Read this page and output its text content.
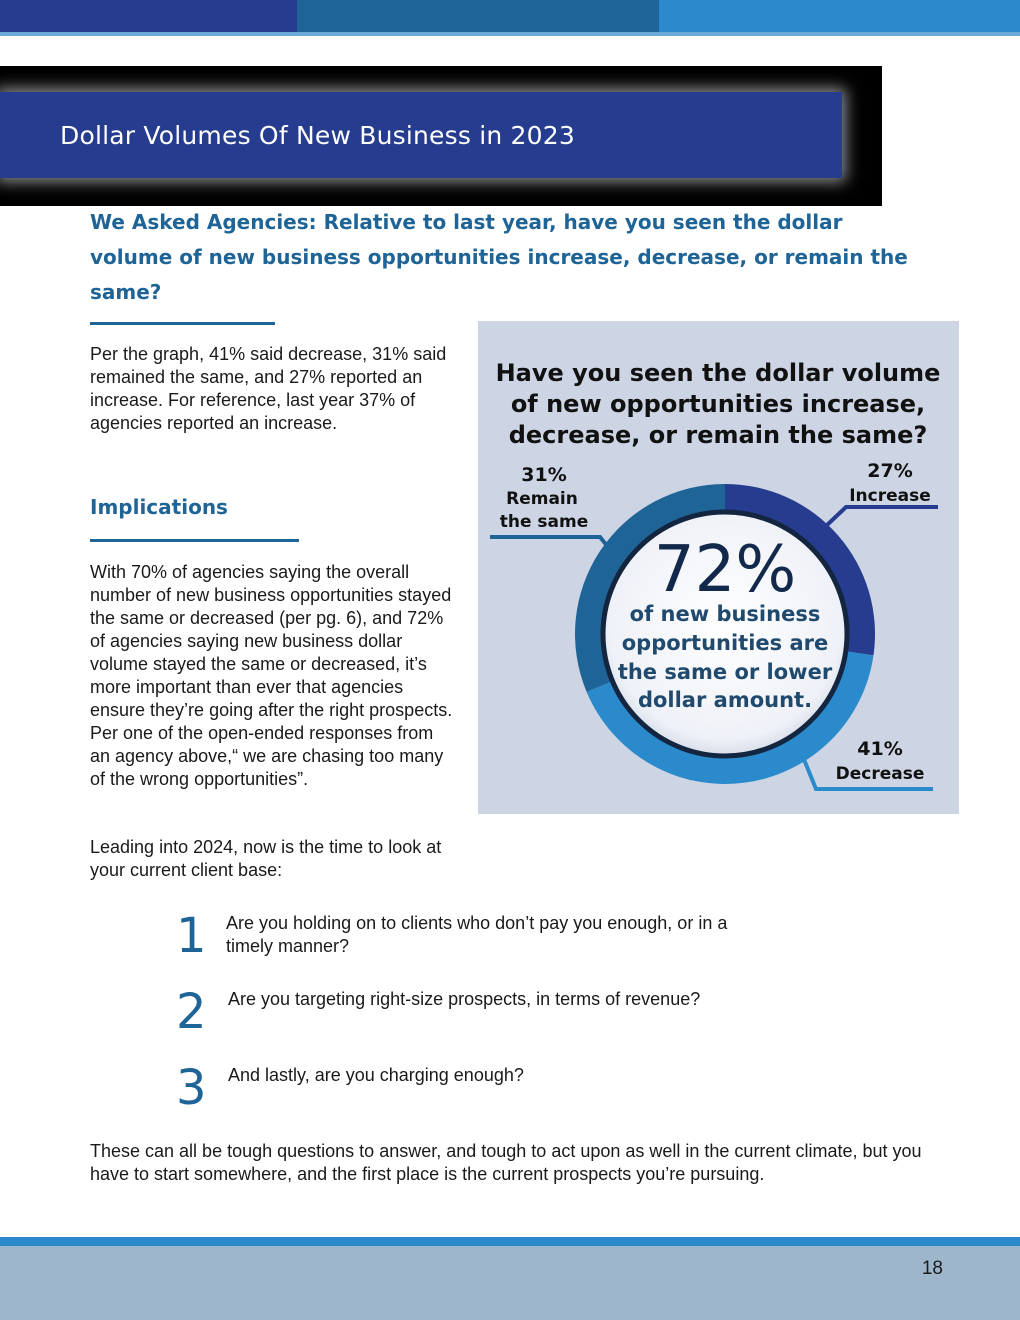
Dollar Volumes Of New Business in 2023
We Asked Agencies: Relative to last year, have you seen the dollar volume of new business opportunities increase, decrease, or remain the same?
Per the graph, 41% said decrease, 31% said remained the same, and 27% reported an increase. For reference, last year 37% of agencies reported an increase.
Implications
With 70% of agencies saying the overall number of new business opportunities stayed the same or decreased (per pg. 6), and 72% of agencies saying new business dollar volume stayed the same or decreased, it’s more important than ever that agencies ensure they’re going after the right prospects. Per one of the open-ended responses from an agency above,“ we are chasing too many of the wrong opportunities”.
Leading into 2024, now is the time to look at your current client base:
Have you seen the dollar volume
of new opportunities increase,
decrease, or remain the same?
72%
of new business
opportunities are
the same or lower
dollar amount.
27%
Increase
41%
Decrease
31%
Remain
the same
1 Are you holding on to clients who don’t pay you enough, or in a timely manner?
2 Are you targeting right-size prospects, in terms of revenue?
3 And lastly, are you charging enough?
These can all be tough questions to answer, and tough to act upon as well in the current climate, but you have to start somewhere, and the first place is the current prospects you’re pursuing.
18
